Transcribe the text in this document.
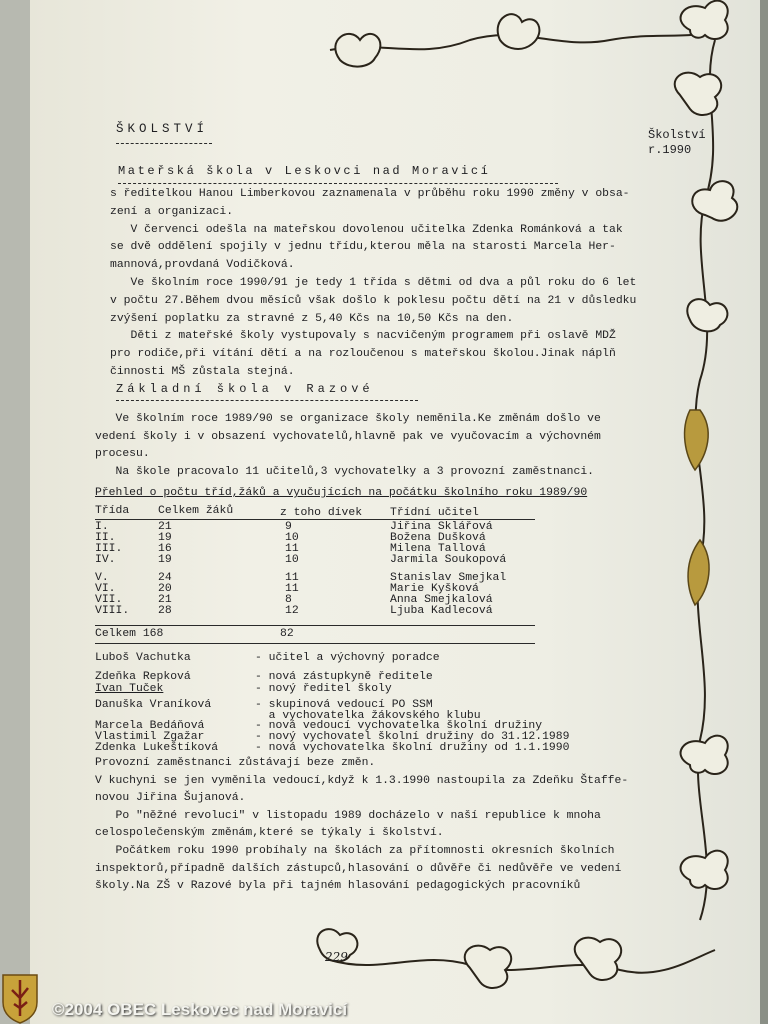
ŠKOLSTVÍ	Školství
r.1990
Mateřská škola v Leskovci nad Moravicí
s ředitelkou Hanou Limberkovou zaznamenala v průběhu roku 1990 změny v obsa-
zení a organizaci.
V červenci odešla na mateřskou dovolenou učitelka Zdenka Románková a tak
se dvě oddělení spojily v jednu třídu,kterou měla na starosti Marcela Her-
mannová,provdaná Vodičková.
Ve školním roce 1990/91 je tedy 1 třída s dětmi od dva a půl roku do 6 let
v počtu 27.Během dvou měsíců však došlo k poklesu počtu dětí na 21 v důsledku
zvýšení poplatku za stravné z 5,40 Kčs na 10,50 Kčs na den.
Děti z mateřské školy vystupovaly s nacvičeným programem při oslavě MDŽ
pro rodiče,při vítání dětí a na rozloučenou s mateřskou školou.Jinak náplň
činnosti MŠ zůstala stejná.
Základní škola v Razové
Ve školním roce 1989/90 se organizace školy neměnila.Ke změnám došlo ve
vedení školy i v obsazení vychovatelů,hlavně pak ve vyučovacím a výchovném
procesu.
Na škole pracovalo 11 učitelů,3 vychovatelky a 3 provozní zaměstnanci.
Přehled o počtu tříd,žáků a vyučujících na počátku školního roku 1989/90
Třída	Celkem žáků	z toho dívek Třídní učitel
I.	21	9	Jiřina Sklářová
II.	19	10	Božena Dušková
III.	16	11	Milena Tallová
IV.	19	10	Jarmila Soukopová
V.	24	11	Stanislav Smejkal
VI.	20	11	Marie Kyšková
VII.	21	8	Anna Smejkalová
VIII.	28	12	Ljuba Kadlecová
Celkem 168	82
Luboš Vachutka	- učitel a výchovný poradce
Zdeňka Repková	- nová zástupkyně ředitele
Ivan Tuček	- nový ředitel školy
Danuška Vraníková	- skupinová vedoucí PO SSM
a vychovatelka žákovského klubu
Marcela Bedáňová	- nová vedoucí vychovatelka školní družiny
Vlastimil Zgažar	- nový vychovatel školní družiny do 31.12.1989
Zdenka Lukeštíková	- nová vychovatelka školní družiny od 1.1.1990
Provozní zaměstnanci zůstávají beze změn.
V kuchyni se jen vyměnila vedoucí,když k 1.3.1990 nastoupila za Zdeňku Štaffe-
novou Jiřina Šujanová.
Po "něžné revoluci" v listopadu 1989 docházelo v naší republice k mnoha
celospolečenským změnám,které se týkaly i školství.
Počátkem roku 1990 probíhaly na školách za přítomnosti okresních školních
inspektorů,případně dalších zástupců,hlasování o důvěře či nedůvěře ve vedení
školy.Na ZŠ v Razové byla při tajném hlasování pedagogických pracovníků
229
©2004 OBEC Leskovec nad Moravicí
